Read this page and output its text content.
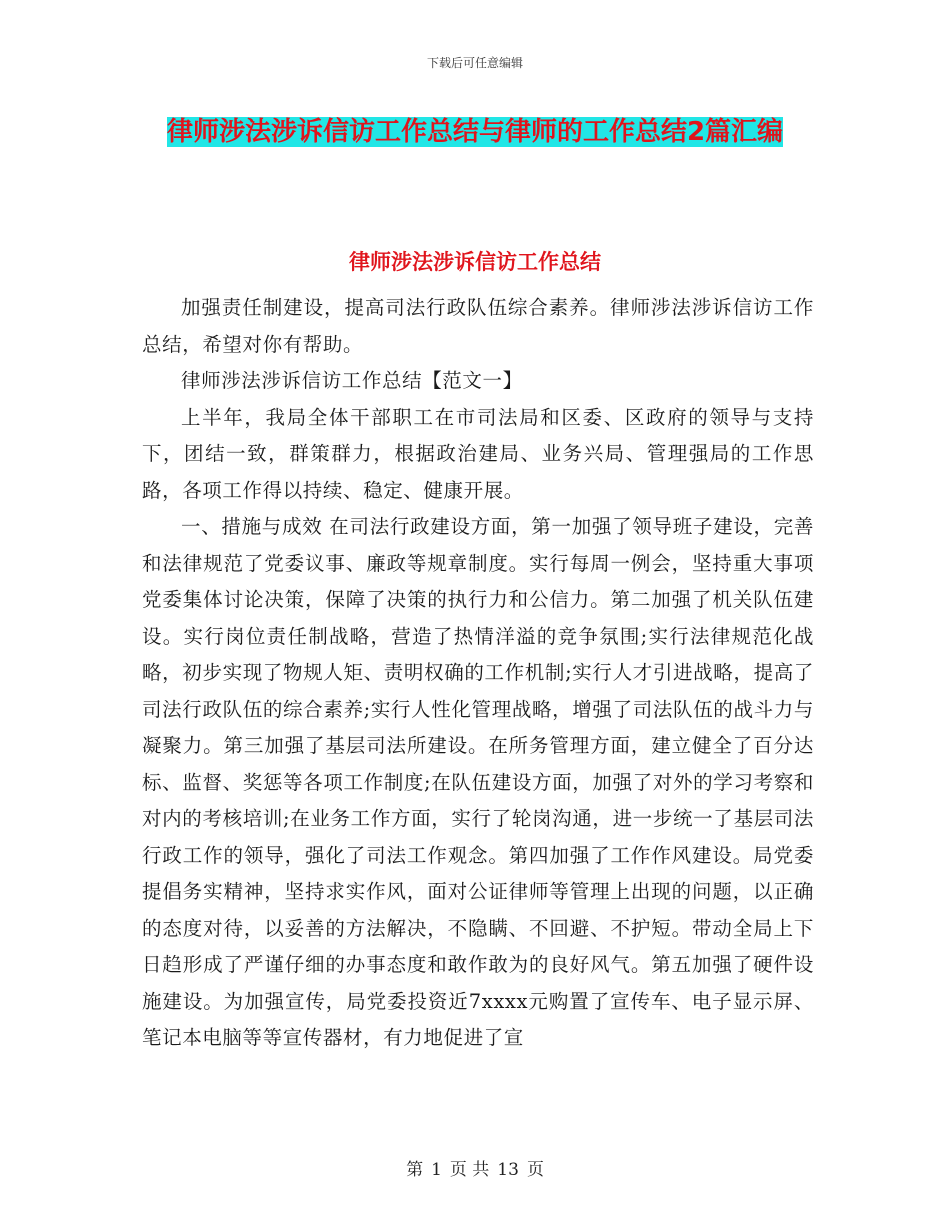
下载后可任意编辑
律师涉法涉诉信访工作总结与律师的工作总结2篇汇编
律师涉法涉诉信访工作总结

加强责任制建设，提高司法行政队伍综合素养。律师涉法涉诉信访工作总结，希望对你有帮助。

律师涉法涉诉信访工作总结【范文一】

上半年，我局全体干部职工在市司法局和区委、区政府的领导与支持下，团结一致，群策群力，根据政治建局、业务兴局、管理强局的工作思路，各项工作得以持续、稳定、健康开展。

一、措施与成效 在司法行政建设方面，第一加强了领导班子建设，完善和法律规范了党委议事、廉政等规章制度。实行每周一例会，坚持重大事项党委集体讨论决策，保障了决策的执行力和公信力。第二加强了机关队伍建设。实行岗位责任制战略，营造了热情洋溢的竞争氛围;实行法律规范化战略，初步实现了物规人矩、责明权确的工作机制;实行人才引进战略，提高了司法行政队伍的综合素养;实行人性化管理战略，增强了司法队伍的战斗力与凝聚力。第三加强了基层司法所建设。在所务管理方面，建立健全了百分达标、监督、奖惩等各项工作制度;在队伍建设方面，加强了对外的学习考察和对内的考核培训;在业务工作方面，实行了轮岗沟通，进一步统一了基层司法行政工作的领导，强化了司法工作观念。第四加强了工作作风建设。局党委提倡务实精神，坚持求实作风，面对公证律师等管理上出现的问题，以正确的态度对待，以妥善的方法解决，不隐瞒、不回避、不护短。带动全局上下日趋形成了严谨仔细的办事态度和敢作敢为的良好风气。第五加强了硬件设施建设。为加强宣传，局党委投资近7xxxx元购置了宣传车、电子显示屏、笔记本电脑等等宣传器材，有力地促进了宣

第 1 页 共 13 页
